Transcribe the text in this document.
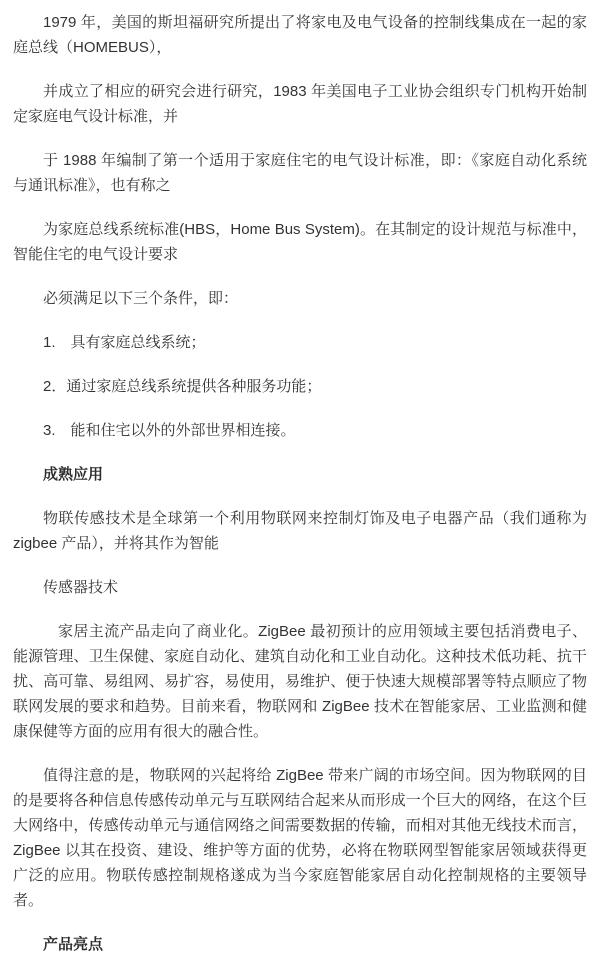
1979 年，美国的斯坦福研究所提出了将家电及电气设备的控制线集成在一起的家庭总线（HOMEBUS），

并成立了相应的研究会进行研究，1983 年美国电子工业协会组织专门机构开始制定家庭电气设计标准，并

于 1988 年编制了第一个适用于家庭住宅的电气设计标准，即：《家庭自动化系统与通讯标准》，也有称之

为家庭总线系统标准(HBS，Home Bus System)。在其制定的设计规范与标准中，智能住宅的电气设计要求

必须满足以下三个条件，即：

1.　具有家庭总线系统；

2．通过家庭总线系统提供各种服务功能；

3.　能和住宅以外的外部世界相连接。

成熟应用

物联传感技术是全球第一个利用物联网来控制灯饰及电子电器产品（我们通称为 zigbee 产品），并将其作为智能

传感器技术

家居主流产品走向了商业化。ZigBee 最初预计的应用领域主要包括消费电子、能源管理、卫生保健、家庭自动化、建筑自动化和工业自动化。这种技术低功耗、抗干扰、高可靠、易组网、易扩容，易使用，易维护、便于快速大规模部署等特点顺应了物联网发展的要求和趋势。目前来看，物联网和 ZigBee 技术在智能家居、工业监测和健康保健等方面的应用有很大的融合性。

值得注意的是，物联网的兴起将给 ZigBee 带来广阔的市场空间。因为物联网的目的是要将各种信息传感传动单元与互联网结合起来从而形成一个巨大的网络，在这个巨大网络中，传感传动单元与通信网络之间需要数据的传输，而相对其他无线技术而言，ZigBee 以其在投资、建设、维护等方面的优势，必将在物联网型智能家居领域获得更广泛的应用。物联传感控制规格遂成为当今家庭智能家居自动化控制规格的主要领导者。

产品亮点
